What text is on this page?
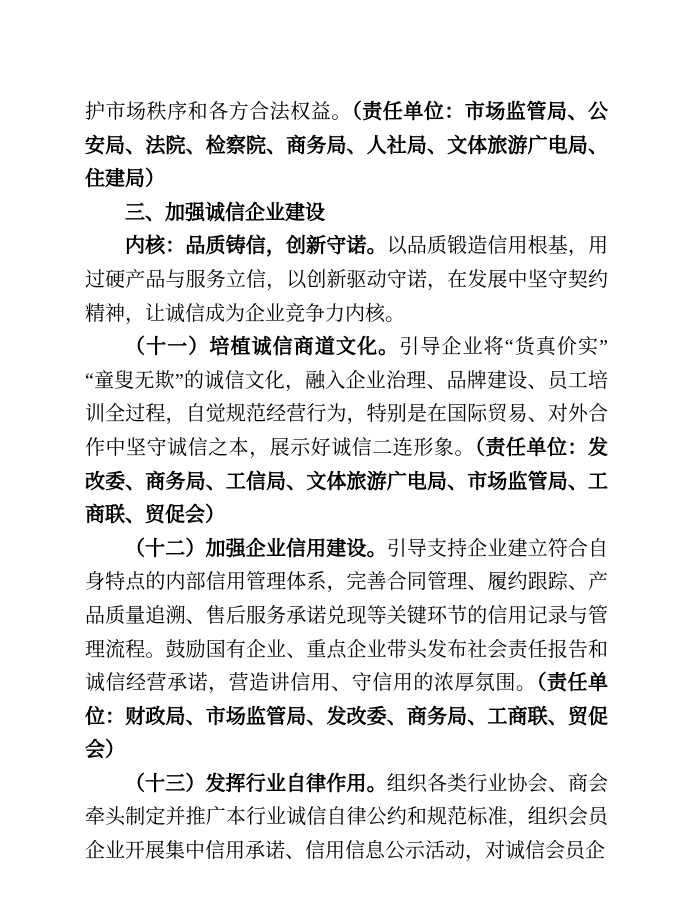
护市场秩序和各方合法权益。（责任单位：市场监管局、公安局、法院、检察院、商务局、人社局、文体旅游广电局、住建局）

三、加强诚信企业建设

内核：品质铸信，创新守诺。以品质锻造信用根基，用过硬产品与服务立信，以创新驱动守诺，在发展中坚守契约精神，让诚信成为企业竞争力内核。

（十一）培植诚信商道文化。引导企业将“货真价实”“童叟无欺”的诚信文化，融入企业治理、品牌建设、员工培训全过程，自觉规范经营行为，特别是在国际贸易、对外合作中坚守诚信之本，展示好诚信二连形象。（责任单位：发改委、商务局、工信局、文体旅游广电局、市场监管局、工商联、贸促会）

（十二）加强企业信用建设。引导支持企业建立符合自身特点的内部信用管理体系，完善合同管理、履约跟踪、产品质量追溯、售后服务承诺兑现等关键环节的信用记录与管理流程。鼓励国有企业、重点企业带头发布社会责任报告和诚信经营承诺，营造讲信用、守信用的浓厚氛围。（责任单位：财政局、市场监管局、发改委、商务局、工商联、贸促会）

（十三）发挥行业自律作用。组织各类行业协会、商会牵头制定并推广本行业诚信自律公约和规范标准，组织会员企业开展集中信用承诺、信用信息公示活动，对诚信会员企
